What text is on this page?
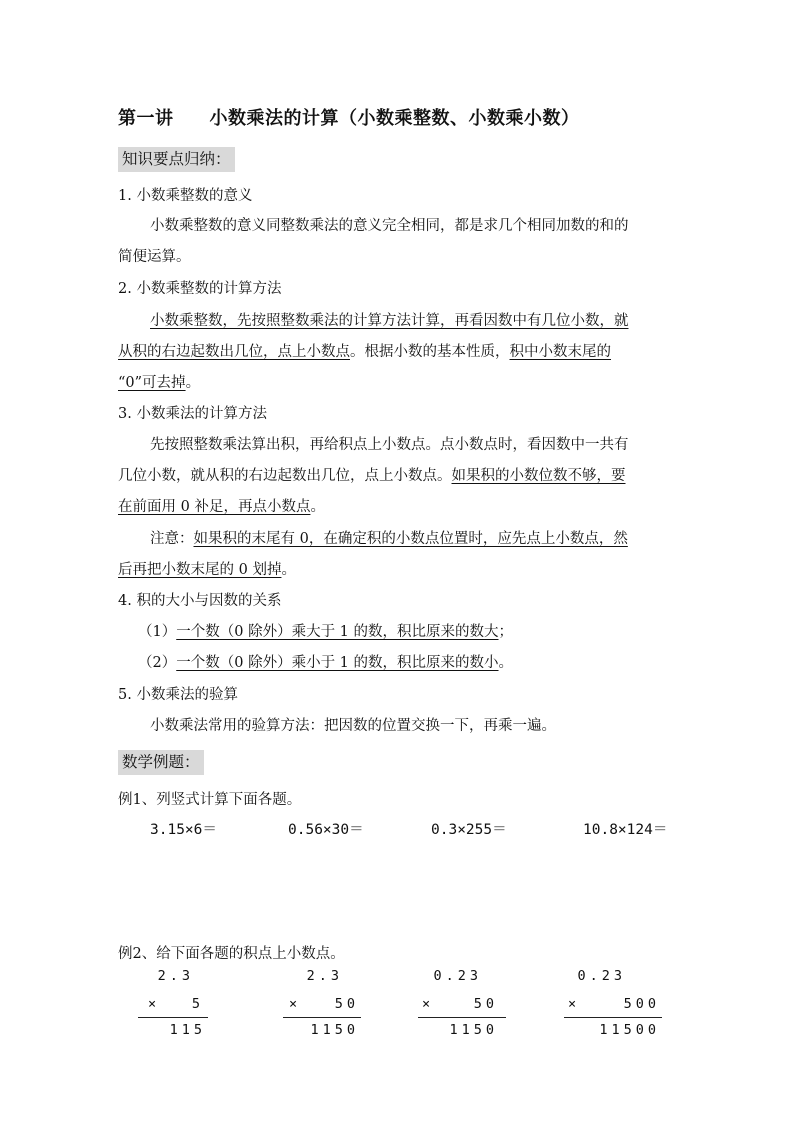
第一讲 小数乘法的计算（小数乘整数、小数乘小数）
知识要点归纳：
1. 小数乘整数的意义
小数乘整数的意义同整数乘法的意义完全相同，都是求几个相同加数的和的
简便运算。
2. 小数乘整数的计算方法
小数乘整数，先按照整数乘法的计算方法计算，再看因数中有几位小数，就
从积的右边起数出几位，点上小数点。根据小数的基本性质，积中小数末尾的
“0”可去掉。
3. 小数乘法的计算方法
先按照整数乘法算出积，再给积点上小数点。点小数点时，看因数中一共有
几位小数，就从积的右边起数出几位，点上小数点。如果积的小数位数不够，要
在前面用 0 补足，再点小数点。
注意：如果积的末尾有 0，在确定积的小数点位置时，应先点上小数点，然
后再把小数末尾的 0 划掉。
4. 积的大小与因数的关系
（1）一个数（0 除外）乘大于 1 的数，积比原来的数大；
（2）一个数（0 除外）乘小于 1 的数，积比原来的数小。
5. 小数乘法的验算
小数乘法常用的验算方法：把因数的位置交换一下，再乘一遍。
数学例题：
例1、列竖式计算下面各题。
3.15×6＝	0.56×30＝	0.3×255＝	10.8×124＝
例2、给下面各题的积点上小数点。
2.3
× 5
115
2.3
× 50
1150
0.23
×	50
1150
0.23
×	500
11500
